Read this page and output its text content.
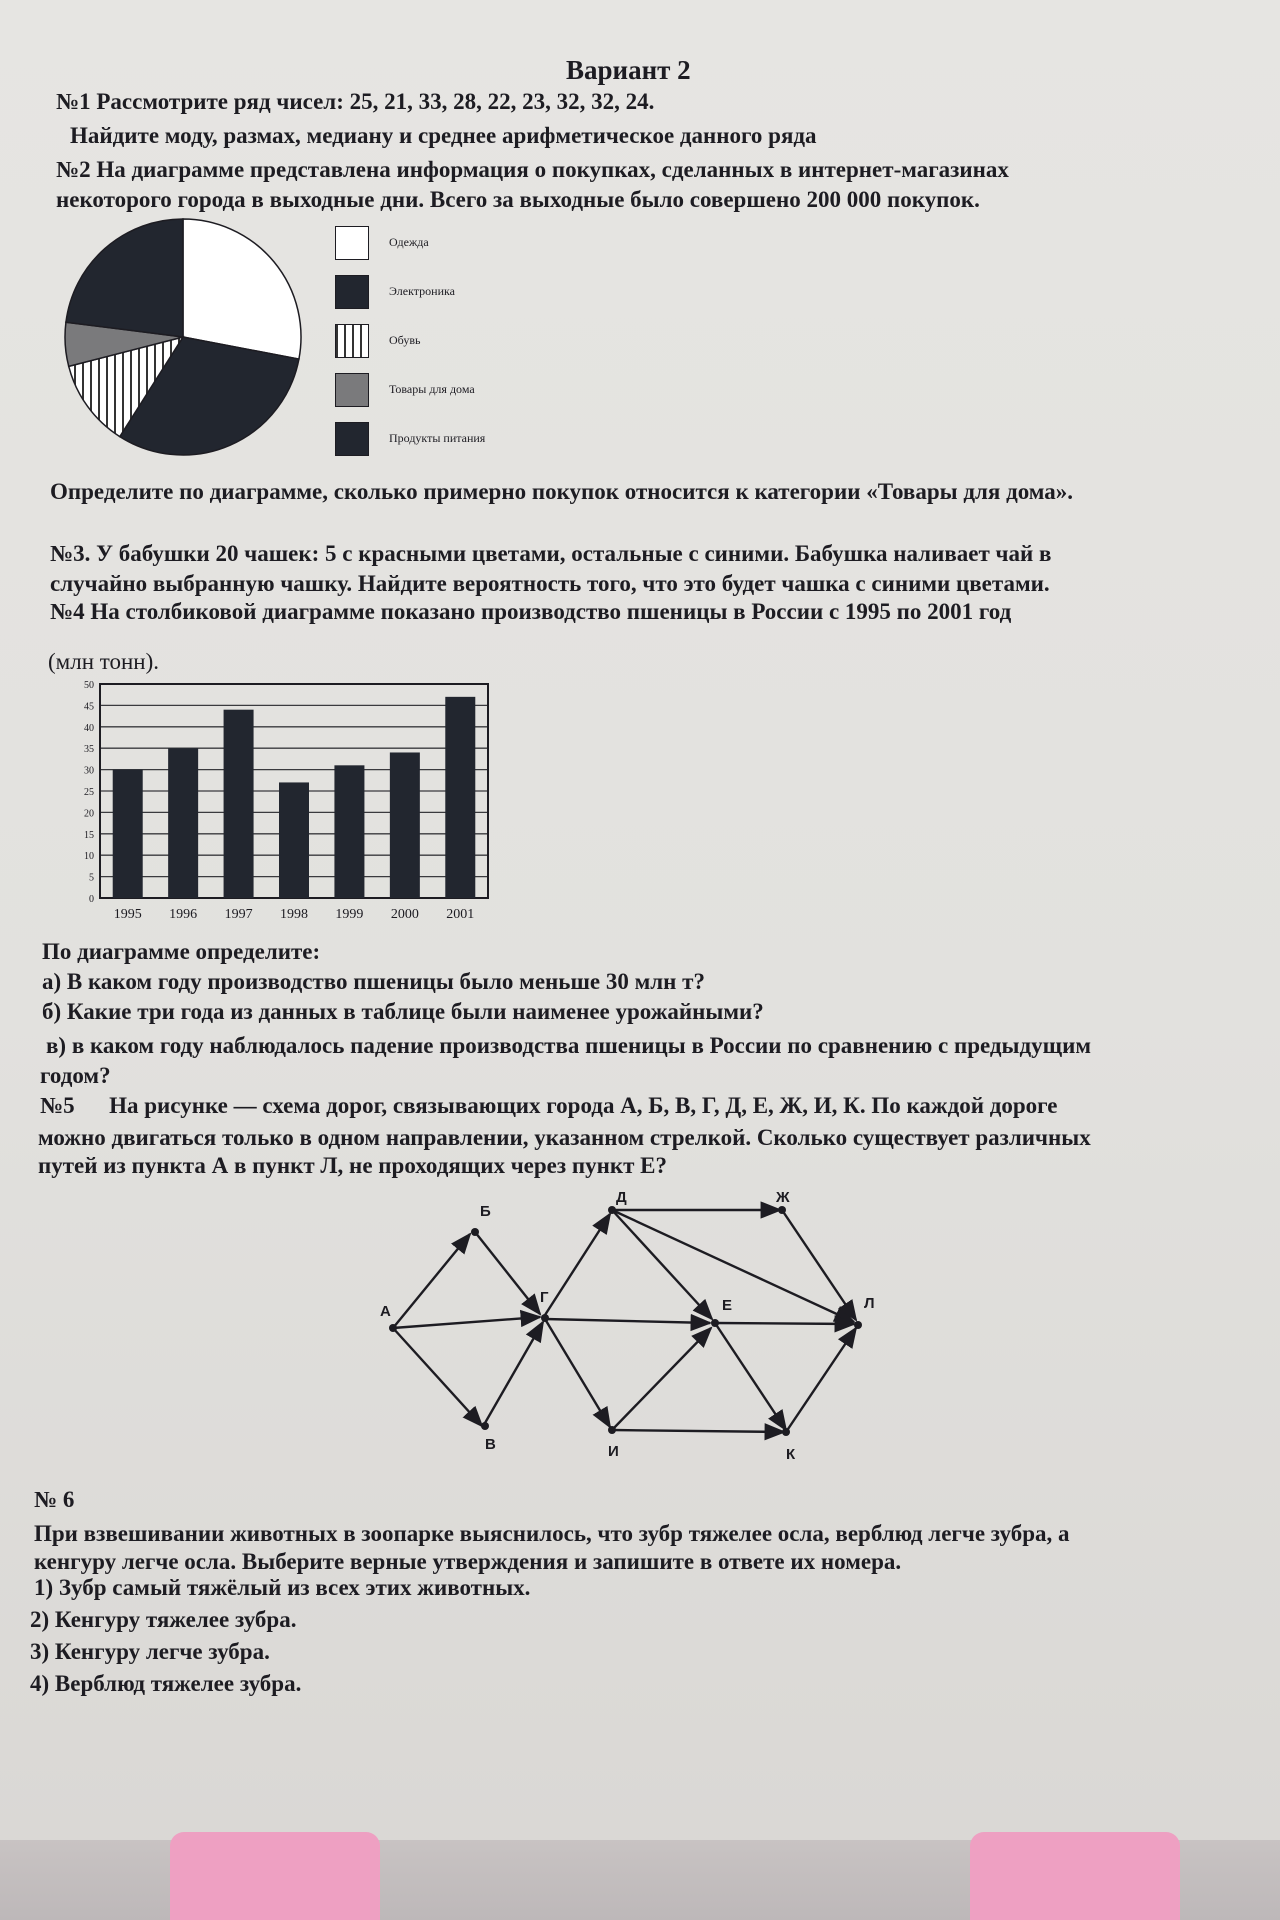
Вариант 2
№1 Рассмотрите ряд чисел: 25, 21, 33, 28, 22, 23, 32, 32, 24.
Найдите моду, размах, медиану и среднее арифметическое данного ряда
№2 На диаграмме представлена информация о покупках, сделанных в интернет-магазинах
некоторого города в выходные дни. Всего за выходные было совершено 200 000 покупок.
Одежда
Электроника
Обувь
Товары для дома
Продукты питания
Определите по диаграмме, сколько примерно покупок относится к категории «Товары для дома».
№3. У бабушки 20 чашек: 5 с красными цветами, остальные с синими. Бабушка наливает чай в
случайно выбранную чашку. Найдите вероятность того, что это будет чашка с синими цветами.
№4 На столбиковой диаграмме показано производство пшеницы в России с 1995 по 2001 год
(млн тонн).
0
5
10
15
20
25
30
35
40
45
50
1995 1996 1997 1998 1999 2000 2001
По диаграмме определите:
а) В каком году производство пшеницы было меньше 30 млн т?
б) Какие три года из данных в таблице были наименее урожайными?
в) в каком году наблюдалось падение производства пшеницы в России по сравнению с предыдущим
годом?
№5      На рисунке — схема дорог, связывающих города А, Б, В, Г, Д, Е, Ж, И, К. По каждой дороге
можно двигаться только в одном направлении, указанном стрелкой. Сколько существует различных
путей из пункта А в пункт Л, не проходящих через пункт Е?
А
Б
В
Г
Д	Ж
Е
И	К
Л
№ 6
При взвешивании животных в зоопарке выяснилось, что зубр тяжелее осла, верблюд легче зубра, а
кенгуру легче осла. Выберите верные утверждения и запишите в ответе их номера.
1) Зубр самый тяжёлый из всех этих животных.
2) Кенгуру тяжелее зубра.
3) Кенгуру легче зубра.
4) Верблюд тяжелее зубра.
